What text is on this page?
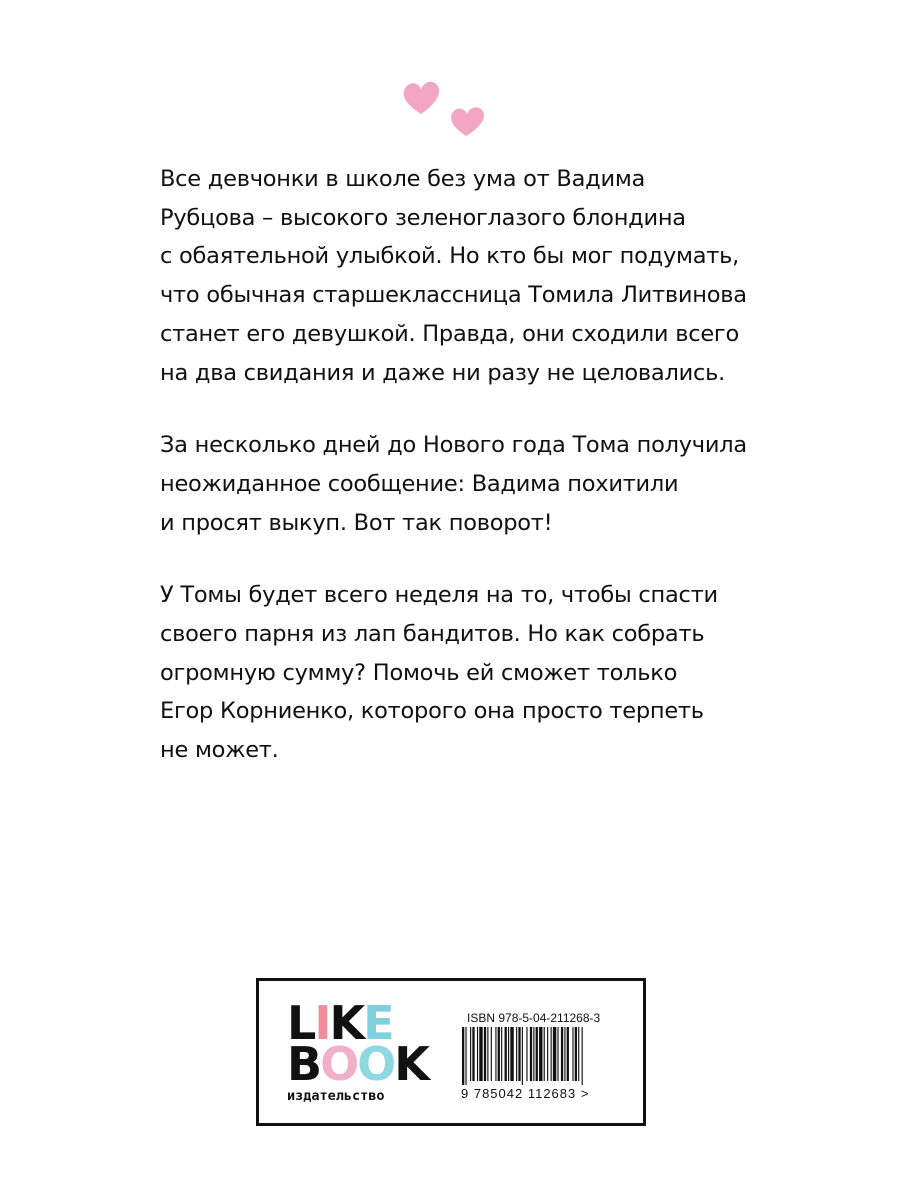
Все девчонки в школе без ума от Вадима
Рубцова – высокого зеленоглазого блондина
с обаятельной улыбкой. Но кто бы мог подумать,
что обычная старшеклассница Томила Литвинова
станет его девушкой. Правда, они сходили всего
на два свидания и даже ни разу не целовались.

За несколько дней до Нового года Тома получила
неожиданное сообщение: Вадима похитили
и просят выкуп. Вот так поворот!

У Томы будет всего неделя на то, чтобы спасти
своего парня из лап бандитов. Но как собрать
огромную сумму? Помочь ей сможет только
Егор Корниенко, которого она просто терпеть
не может.

L I K E
B O O K
издательство
ISBN 978-5-04-211268-3
9 785042 112683 >
